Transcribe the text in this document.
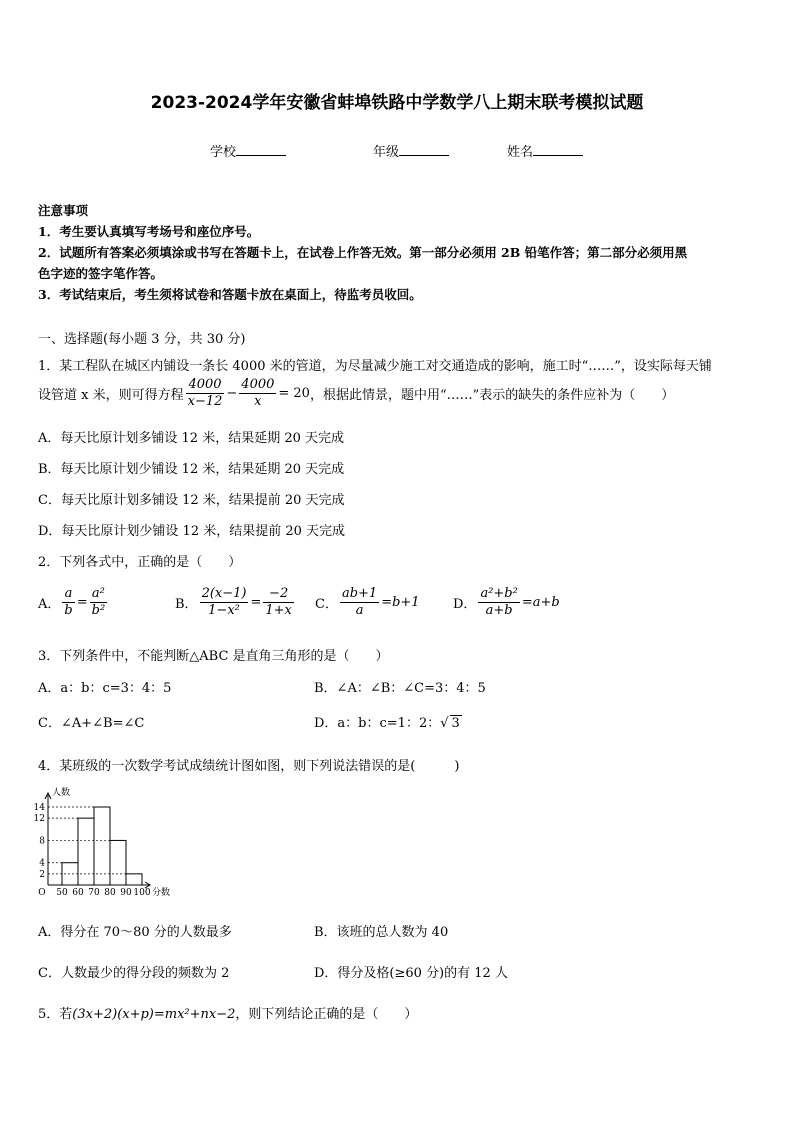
2023-2024学年安徽省蚌埠铁路中学数学八上期末联考模拟试题
学校	年级	姓名
注意事项
1．考生要认真填写考场号和座位序号。
2．试题所有答案必须填涂或书写在答题卡上，在试卷上作答无效。第一部分必须用 2B 铅笔作答；第二部分必须用黑
色字迹的签字笔作答。
3．考试结束后，考生须将试卷和答题卡放在桌面上，待监考员收回。
一、选择题(每小题 3 分，共 30 分)
1．某工程队在城区内铺设一条长 4000 米的管道，为尽量减少施工对交通造成的影响，施工时“……”，设实际每天铺
设管道 x 米，则可得方程 $\frac{4000}{x-12} - \frac{4000}{x} = 20$ ，根据此情景，题中用“……”表示的缺失的条件应补为（　　）
A．每天比原计划多铺设 12 米，结果延期 20 天完成
B．每天比原计划少铺设 12 米，结果延期 20 天完成
C．每天比原计划多铺设 12 米，结果提前 20 天完成
D．每天比原计划少铺设 12 米，结果提前 20 天完成
2．下列各式中，正确的是（　　）
A． $\frac{a}{b} = \frac{\text{a²}}{\text{b²}}$	B． $\frac{2(x-1)}{\text{1−x²}} = \frac{-2}{1+x}$ C． $\frac{ab+1}{a} =b+1$	D． $\frac{\text{a²+b²}}{a+b} =a+b$
3．下列条件中，不能判断△ABC 是直角三角形的是（　　）
A．a：b：c=3：4：5	B．∠A：∠B：∠C=3：4：5
C．∠A+∠B=∠C	D．a：b：c=1：2：√ 3
4．某班级的一次数学考试成绩统计图如图，则下列说法错误的是(　　　)
2
4
8
12
14
50 60 70 80 90 100
O
人数
分数
A．得分在 70～80 分的人数最多	B．该班的总人数为 40
C．人数最少的得分段的频数为 2	D．得分及格(≥60 分)的有 12 人
5．若(3x+2)(x+p)=mx²+nx−2，则下列结论正确的是（　　）
